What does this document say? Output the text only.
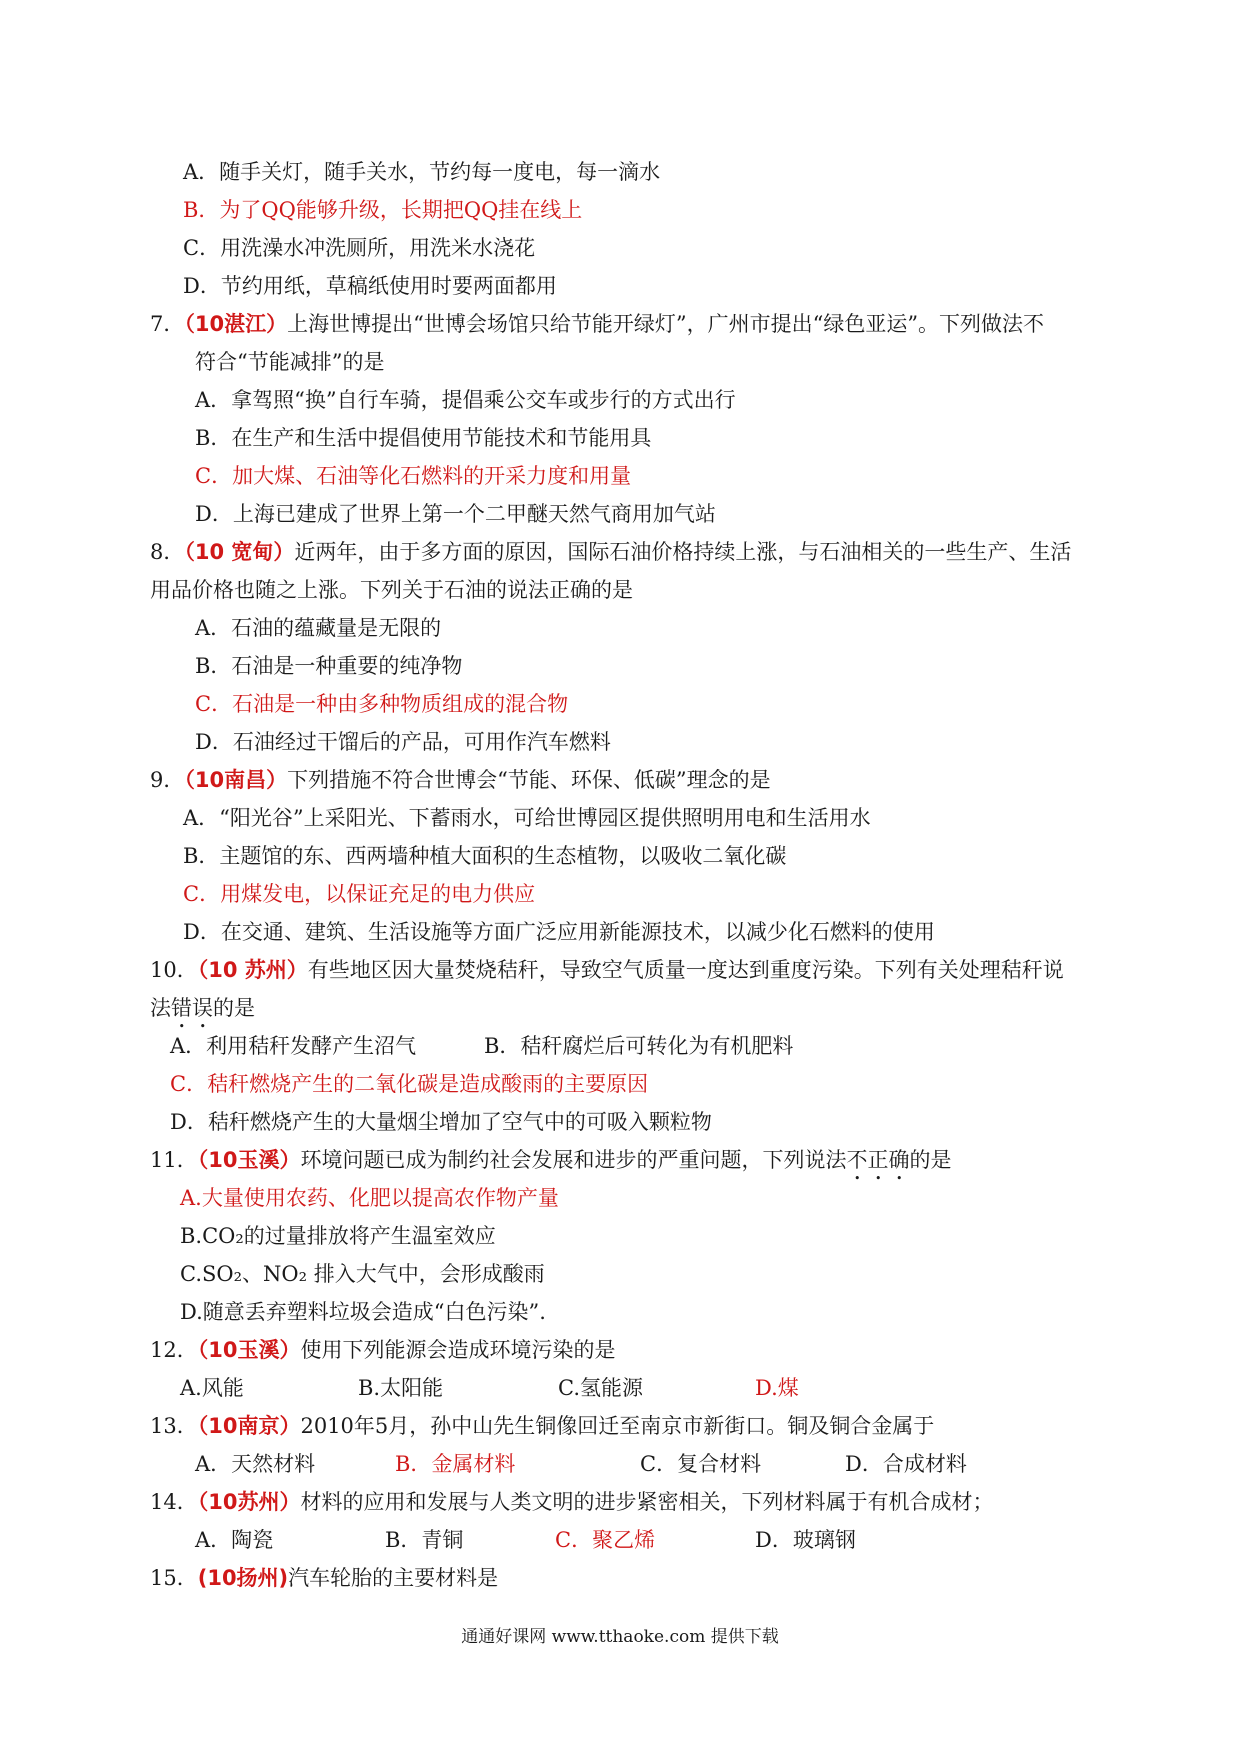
A．随手关灯，随手关水，节约每一度电，每一滴水
B．为了QQ能够升级，长期把QQ挂在线上
C．用洗澡水冲洗厕所，用洗米水浇花
D．节约用纸，草稿纸使用时要两面都用
7．（10湛江）上海世博提出“世博会场馆只给节能开绿灯”，广州市提出“绿色亚运”。下列做法不
符合“节能减排”的是
A．拿驾照“换”自行车骑，提倡乘公交车或步行的方式出行
B．在生产和生活中提倡使用节能技术和节能用具
C．加大煤、石油等化石燃料的开采力度和用量
D．上海已建成了世界上第一个二甲醚天然气商用加气站
8．（10 宽甸）近两年，由于多方面的原因，国际石油价格持续上涨，与石油相关的一些生产、生活
用品价格也随之上涨。下列关于石油的说法正确的是
A．石油的蕴藏量是无限的
B．石油是一种重要的纯净物
C．石油是一种由多种物质组成的混合物
D．石油经过干馏后的产品，可用作汽车燃料
9．（10南昌）下列措施不符合世博会“节能、环保、低碳”理念的是
A．“阳光谷”上采阳光、下蓄雨水，可给世博园区提供照明用电和生活用水
B．主题馆的东、西两墙种植大面积的生态植物，以吸收二氧化碳
C．用煤发电，以保证充足的电力供应
D．在交通、建筑、生活设施等方面广泛应用新能源技术，以减少化石燃料的使用
10．（10 苏州）有些地区因大量焚烧秸秆，导致空气质量一度达到重度污染。下列有关处理秸秆说
法错误的是
A．利用秸秆发酵产生沼气	B．秸秆腐烂后可转化为有机肥料
C．秸秆燃烧产生的二氧化碳是造成酸雨的主要原因
D．秸秆燃烧产生的大量烟尘增加了空气中的可吸入颗粒物
11．（10玉溪）环境问题已成为制约社会发展和进步的严重问题，下列说法不正确的是
A.大量使用农药、化肥以提高农作物产量
B.CO₂的过量排放将产生温室效应
C.SO₂、NO₂ 排入大气中，会形成酸雨
D.随意丢弃塑料垃圾会造成“白色污染”.
12．（10玉溪）使用下列能源会造成环境污染的是
A.风能	B.太阳能	C.氢能源	D.煤
13．（10南京）2010年5月，孙中山先生铜像回迁至南京市新街口。铜及铜合金属于
A．天然材料	B．金属材料	C．复合材料	D．合成材料
14．（10苏州）材料的应用和发展与人类文明的进步紧密相关，下列材料属于有机合成材；
A．陶瓷	B．青铜	C．聚乙烯	D．玻璃钢
15．(10扬州)汽车轮胎的主要材料是
通通好课网 www.tthaoke.com 提供下载
